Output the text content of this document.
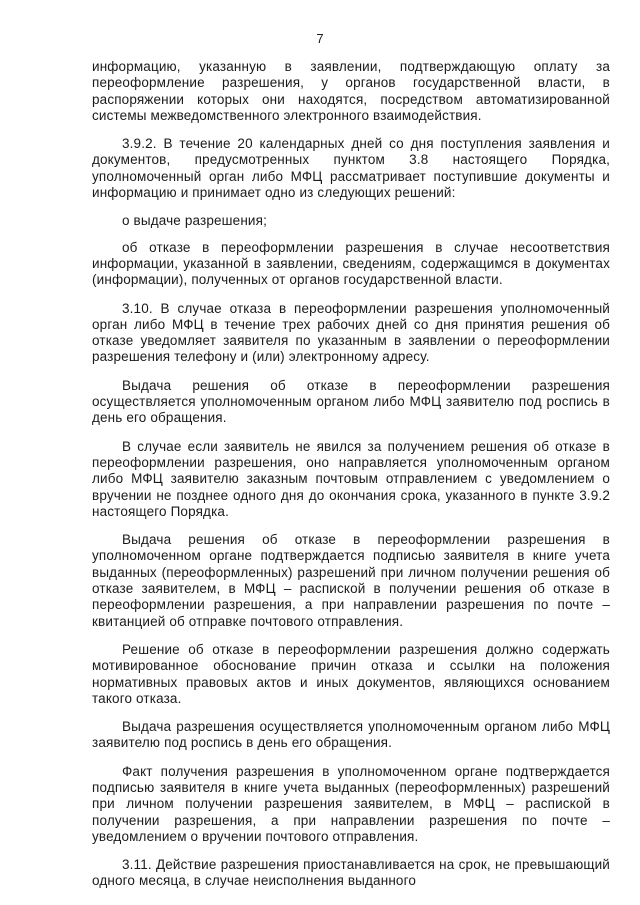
7

информацию, указанную в заявлении, подтверждающую оплату за переоформление разрешения, у органов государственной власти, в распоряжении которых они находятся, посредством автоматизированной системы межведомственного электронного взаимодействия.

3.9.2. В течение 20 календарных дней со дня поступления заявления и документов, предусмотренных пунктом 3.8 настоящего Порядка, уполномоченный орган либо МФЦ рассматривает поступившие документы и информацию и принимает одно из следующих решений:

о выдаче разрешения;

об отказе в переоформлении разрешения в случае несоответствия информации, указанной в заявлении, сведениям, содержащимся в документах (информации), полученных от органов государственной власти.

3.10. В случае отказа в переоформлении разрешения уполномоченный орган либо МФЦ в течение трех рабочих дней со дня принятия решения об отказе уведомляет заявителя по указанным в заявлении о переоформлении разрешения телефону и (или) электронному адресу.

Выдача решения об отказе в переоформлении разрешения осуществляется уполномоченным органом либо МФЦ заявителю под роспись в день его обращения.

В случае если заявитель не явился за получением решения об отказе в переоформлении разрешения, оно направляется уполномоченным органом либо МФЦ заявителю заказным почтовым отправлением с уведомлением о вручении не позднее одного дня до окончания срока, указанного в пункте 3.9.2 настоящего Порядка.

Выдача решения об отказе в переоформлении разрешения в уполномоченном органе подтверждается подписью заявителя в книге учета выданных (переоформленных) разрешений при личном получении решения об отказе заявителем, в МФЦ – распиской в получении решения об отказе в переоформлении разрешения, а при направлении разрешения по почте – квитанцией об отправке почтового отправления.

Решение об отказе в переоформлении разрешения должно содержать мотивированное обоснование причин отказа и ссылки на положения нормативных правовых актов и иных документов, являющихся основанием такого отказа.

Выдача разрешения осуществляется уполномоченным органом либо МФЦ заявителю под роспись в день его обращения.

Факт получения разрешения в уполномоченном органе подтверждается подписью заявителя в книге учета выданных (переоформленных) разрешений при личном получении разрешения заявителем, в МФЦ – распиской в получении разрешения, а при направлении разрешения по почте – уведомлением о вручении почтового отправления.

3.11. Действие разрешения приостанавливается на срок, не превышающий одного месяца, в случае неисполнения выданного
